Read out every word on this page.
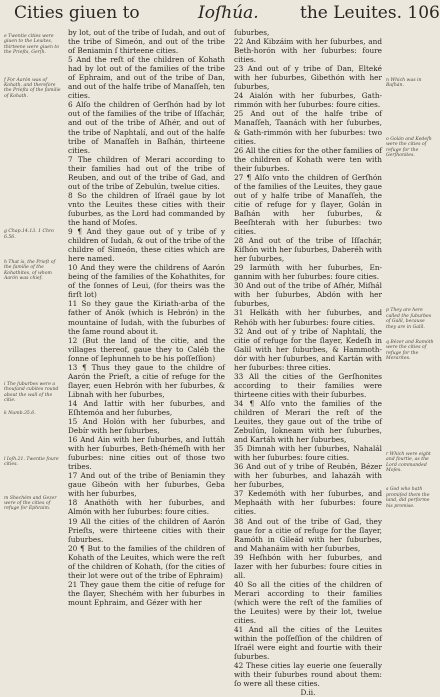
Cities giuen to	Ioſhúa. the Leuites. 106

e Twentie cities were giuen to the Leuites, thirteene were giuen to the Prieſts, Gerſh.

f For Aarón was of Kohath, and therefore the Prieſts of the familie of Kohath.

g Chap.14.13. 1 Chro 6.56.

h That is, the Prieſt of the familie of the Kohathites, of whom Aarón was chief.

i The ſuburbes were a thouſand cubites round about the wall of the citie.

k Numb.35.6.

l Ioſh.21. Twentie foure cities.

m Shechém and Gezer were of the cities of refuge for Ephraim.

by lot, out of the tribe of Iudah, and out of the tribe of Simeón, and out of the tribe of Beniamin ſ thirteene cities.

5 And the reſt of the children of Kohath had by lot out of the families of the tribe of Ephraim, and out of the tribe of Dan, and out of the halfe tribe of Manaſſeh, ten cities.

6 Alſo the children of Gerſhón had by lot out of the families of the tribe of Iſſachár, and out of the tribe of Aſhér, and out of the tribe of Naphtalí, and out of the halfe tribe of Manaſſeh in Baſhán, thirteene cities.

7 The children of Merari according to their families had out of the tribe of Reuben, and out of the tribe of Gad, and out of the tribe of Zebulún, twelue cities.

8 So the children of Iſraél gaue by lot vnto the Leuites these cities with their ſuburbes, as the Lord had commanded by the hand of Moſes.

9 ¶ And they gaue out of y tribe of y children of Iudah, & out of the tribe of the childre of Simeón, these cities which are here named.

10 And they were the childrens of Aarón being of the families of the Kohathites, for of the ſonnes of Leui, (for theirs was the firſt lot)

11 So they gaue the Kiriath-arba of the father of Anók (which is Hebrón) in the mountaine of Iudah, with the ſuburbes of the ſame round about it.

12 (But the land of the citie, and the villages thereof, gaue they to Caléb the ſonne of Iephunneh to be his poſſeſſion)

13 ¶ Thus they gaue to the childre of Aarón the Prieſt, a citie of refuge for the ſlayer, euen Hebrón with her ſuburbes, & Libnah with her ſuburbes,

14 And Iattír with her ſuburbes, and Eſhtemóa and her ſuburbes,

15 And Holón with her ſuburbes, and Debír with her ſuburbes,

16 And Ain with her ſuburbes, and Iuttáh with her ſuburbes, Beth-ſhémeſh with her ſuburbes: nine cities out of those two tribes.

17 And out of the tribe of Beniamin they gaue Gibeón with her ſuburbes, Geba with her ſuburbes,

18 Anathóth with her ſuburbes, and Almón with her ſuburbes: foure cities.

19 All the cities of the children of Aarón Prieſts, were thirteene cities with their ſuburbes.

20 ¶ But to the families of the children of Kohath of the Leuites, which were the reſt of the children of Kohath, (for the cities of their lot were out of the tribe of Ephraim)

21 They gaue them the citie of refuge for the ſlayer, Shechém with her ſuburbes in mount Ephraim, and Gézer with her

ſuburbes,

22 And Kibzáim with her ſuburbes, and Beth-horón with her ſuburbes: foure cities.

23 And out of y tribe of Dan, Elteké with her ſuburbes, Gibethón with her ſuburbes,

24 Aialón with her ſuburbes, Gath-rimmón with her ſuburbes: foure cities.

25 And out of the halfe tribe of Manaſſeh, Taanách with her ſuburbes, & Gath-rimmón with her ſuburbes: two cities.

26 All the cities for the other families of the children of Kohath were ten with their ſuburbes.

27 ¶ Alſo vnto the children of Gerſhón of the families of the Leuites, they gaue out of y halfe tribe of Manaſſeh, the citie of refuge for y ſlayer, Golán in Baſhán with her ſuburbes, & Beeſhterah with her ſuburbes: two cities.

28 And out of the tribe of Iſſachár, Kiſhón with her ſuburbes, Daberéh with her ſuburbes,

29 Iarmúth with her ſuburbes, En-gannim with her ſuburbes: foure cities.

30 And out of the tribe of Aſhér, Miſhál with her ſuburbes, Abdón with her ſuburbes,

31 Helkáth with her ſuburbes, and Rehób with her ſuburbes: foure cities.

32 And out of y tribe of Naphtalí, the citie of refuge for the ſlayer, Kedeſh in Galil with her ſuburbes, & Hammoth-dór with her ſuburbes, and Kartán with her ſuburbes: three cities.

33 All the cities of the Gerſhonites according to their families were thirteene cities with their ſuburbes.

34 ¶ Alſo vnto the families of the children of Merari the reſt of the Leuites, they gaue out of the tribe of Zebulún, Iokneam with her ſuburbes, and Kartáh with her ſuburbes,

35 Dimnah with her ſuburbes, Nahalál with her ſuburbes: foure cities.

36 And out of y tribe of Reubén, Bézer with her ſuburbes, and Iahazáh with her ſuburbes,

37 Kedemóth with her ſuburbes, and Mephaáth with her ſuburbes: foure cities.

38 And out of the tribe of Gad, they gaue for a citie of refuge for the ſlayer, Ramóth in Gileád with her ſuburbes, and Mahanáim with her ſuburbes,

39 Heſhbón with her ſuburbes, and Iazer with her ſuburbes: foure cities in all.

40 So all the cities of the children of Merari according to their families (which were the reſt of the families of the Leuites) were by their lot, twelue cities.

41 And all the cities of the Leuites within the poſſeſſion of the children of Iſraél were eight and fourtie with their ſuburbes.

42 These cities lay euerie one ſeuerally with their ſuburbes round about them: ſo were all these cities.

D.ii.

n Which was in Baſhán.

o Golán and Kedeſh were the cities of refuge for the Gerſhonites.

p They are here called the ſuburbes of Galil, because they are in Galil.

q Bézer and Ramóth were the cities of refuge for the Merarites.

r Which were eight and fourtie, as the Lord commanded Moſes.

s God who hath promiſed them the land, did performe his promise.
